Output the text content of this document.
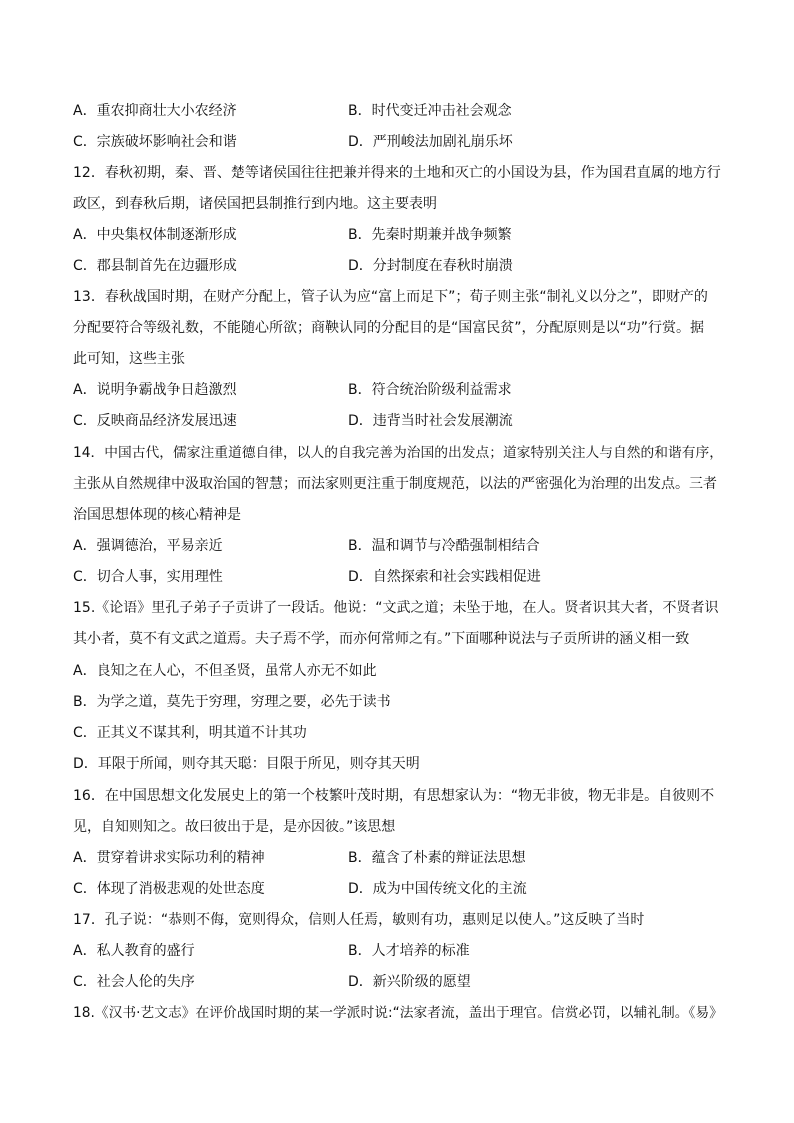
A．重农抑商壮大小农经济	B．时代变迁冲击社会观念
C．宗族破坏影响社会和谐	D．严刑峻法加剧礼崩乐坏
12．春秋初期，秦、晋、楚等诸侯国往往把兼并得来的土地和灭亡的小国设为县，作为国君直属的地方行
政区，到春秋后期，诸侯国把县制推行到内地。这主要表明
A．中央集权体制逐渐形成	B．先秦时期兼并战争频繁
C．郡县制首先在边疆形成	D．分封制度在春秋时崩溃
13．春秋战国时期，在财产分配上，管子认为应“富上而足下”；荀子则主张“制礼义以分之”，即财产的
分配要符合等级礼数，不能随心所欲；商鞅认同的分配目的是“国富民贫”，分配原则是以“功”行赏。据
此可知，这些主张
A．说明争霸战争日趋激烈	B．符合统治阶级利益需求
C．反映商品经济发展迅速	D．违背当时社会发展潮流
14．中国古代，儒家注重道德自律，以人的自我完善为治国的出发点；道家特别关注人与自然的和谐有序，
主张从自然规律中汲取治国的智慧；而法家则更注重于制度规范，以法的严密强化为治理的出发点。三者
治国思想体现的核心精神是
A．强调德治，平易亲近	B．温和调节与冷酷强制相结合
C．切合人事，实用理性	D．自然探索和社会实践相促进
15.《论语》里孔子弟子子贡讲了一段话。他说：“文武之道；未坠于地，在人。贤者识其大者，不贤者识
其小者，莫不有文武之道焉。夫子焉不学，而亦何常师之有。”下面哪种说法与子贡所讲的涵义相一致
A．良知之在人心，不但圣贤，虽常人亦无不如此
B．为学之道，莫先于穷理，穷理之要，必先于读书
C．正其义不谋其利，明其道不计其功
D．耳限于所闻，则夺其天聪：目限于所见，则夺其天明
16．在中国思想文化发展史上的第一个枝繁叶茂时期，有思想家认为：“物无非彼，物无非是。自彼则不
见，自知则知之。故曰彼出于是，是亦因彼。”该思想
A．贯穿着讲求实际功利的精神	B．蕴含了朴素的辩证法思想
C．体现了消极悲观的处世态度	D．成为中国传统文化的主流
17．孔子说：“恭则不侮，宽则得众，信则人任焉，敏则有功，惠则足以使人。”这反映了当时
A．私人教育的盛行	B．人才培养的标准
C．社会人伦的失序	D．新兴阶级的愿望
18.《汉书·艺文志》在评价战国时期的某一学派时说:“法家者流，盖出于理官。信赏必罚，以辅礼制。《易》
